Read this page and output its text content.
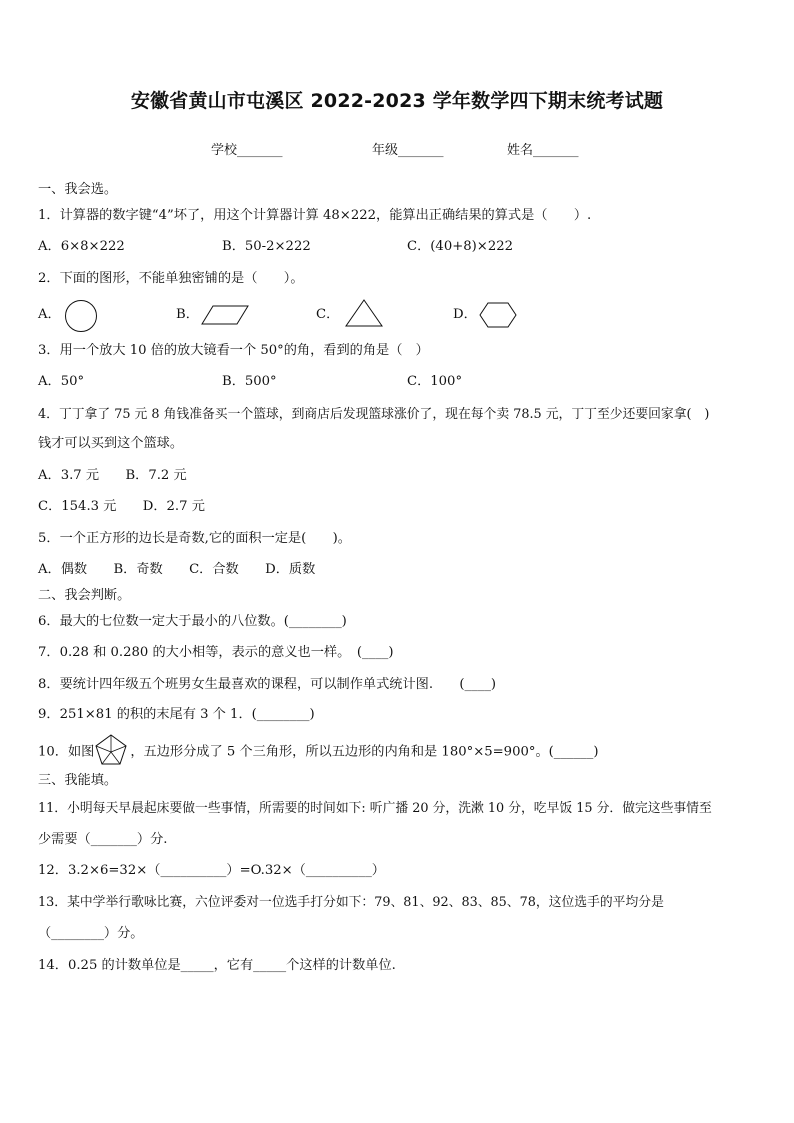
安徽省黄山市屯溪区 2022-2023 学年数学四下期末统考试题
学校_______	年级_______	姓名_______
一、我会选。
1．计算器的数字键“4”坏了，用这个计算器计算 48×222，能算出正确结果的算式是（　　）.
A．6×8×222	B．50-2×222	C．(40+8)×222
2．下面的图形，不能单独密铺的是（　　）。
A．	B．	C．	D．
3．用一个放大 10 倍的放大镜看一个 50°的角，看到的角是（　）
A．50°	B．500°	C．100°
4．丁丁拿了 75 元 8 角钱准备买一个篮球，到商店后发现篮球涨价了，现在每个卖 78.5 元，丁丁至少还要回家拿(　)
钱才可以买到这个篮球。
A．3.7 元　　B．7.2 元
C．154.3 元　　D．2.7 元
5．一个正方形的边长是奇数,它的面积一定是(　　)。
A．偶数　　B．奇数　　C．合数　　D．质数
二、我会判断。
6．最大的七位数一定大于最小的八位数。(________)
7．0.28 和 0.280 的大小相等，表示的意义也一样。　(____)
8．要统计四年级五个班男女生最喜欢的课程，可以制作单式统计图.　　(____)
9．251×81 的积的末尾有 3 个 1．(________)
10．如图	，五边形分成了 5 个三角形，所以五边形的内角和是 180°×5=900°。(______)
三、我能填。
11．小明每天早晨起床要做一些事情，所需要的时间如下: 听广播 20 分，洗漱 10 分，吃早饭 15 分．做完这些事情至
少需要（_______）分.
12．3.2×6=32×（__________）=O.32×（__________）
13．某中学举行歌咏比赛，六位评委对一位选手打分如下：79、81、92、83、85、78，这位选手的平均分是
（________）分。
14．0.25 的计数单位是_____，它有_____个这样的计数单位.
